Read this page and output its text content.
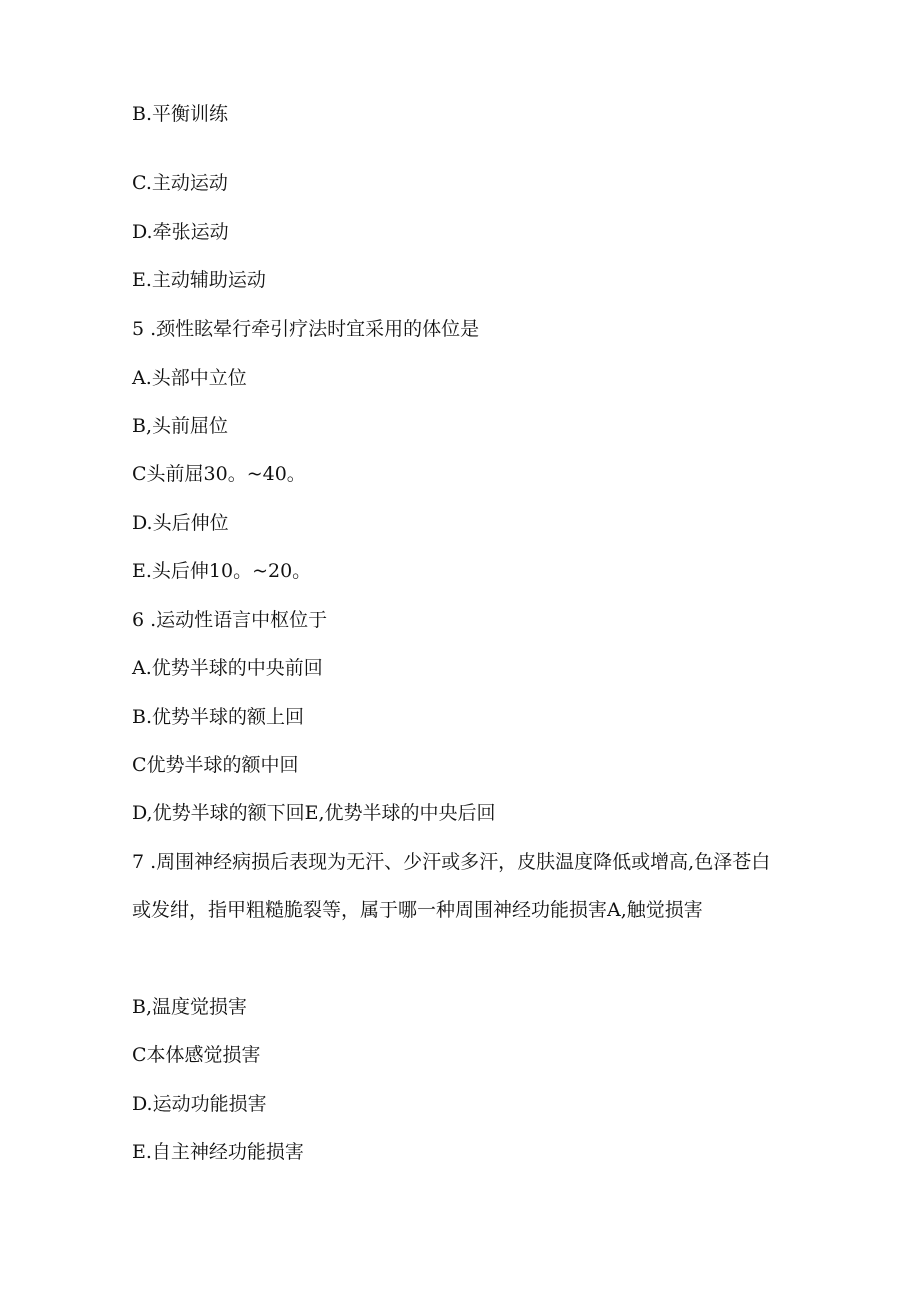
B.平衡训练
C.主动运动
D.牵张运动
E.主动辅助运动
5 .颈性眩晕行牵引疗法时宜采用的体位是
A.头部中立位
B,头前屈位
C头前屈30。~40。
D.头后伸位
E.头后伸10。~20。
6 .运动性语言中枢位于
A.优势半球的中央前回
B.优势半球的额上回
C优势半球的额中回
D,优势半球的额下回E,优势半球的中央后回
7 .周围神经病损后表现为无汗、少汗或多汗，皮肤温度降低或增高,色泽苍白或发绀，指甲粗糙脆裂等，属于哪一种周围神经功能损害A,触觉损害
B,温度觉损害
C本体感觉损害
D.运动功能损害
E.自主神经功能损害
